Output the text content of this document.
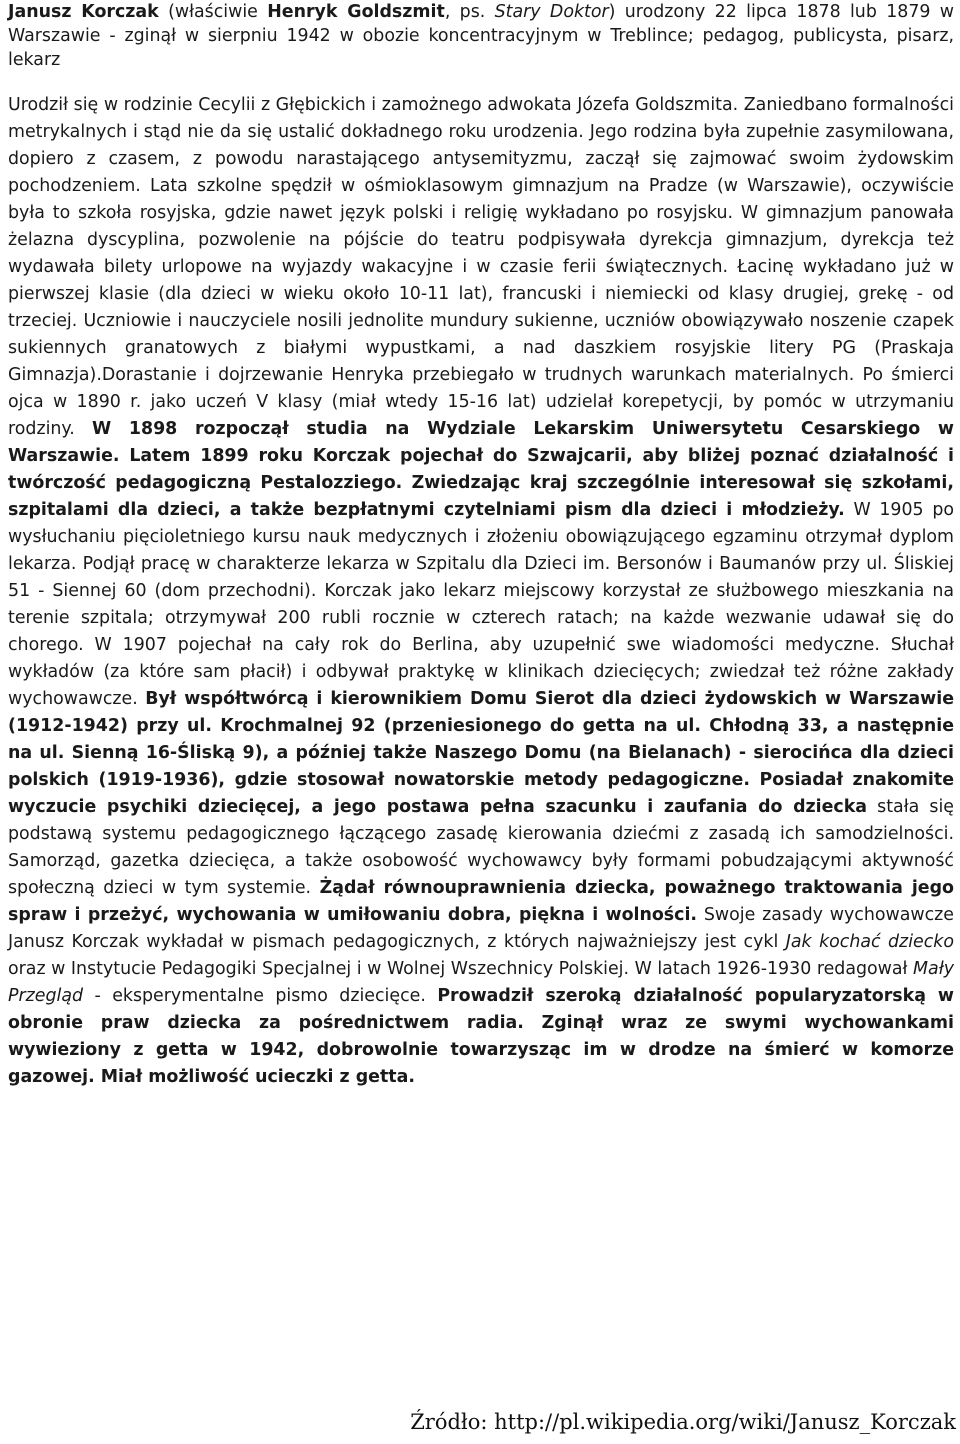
Janusz Korczak (właściwie Henryk Goldszmit, ps. Stary Doktor) urodzony 22 lipca 1878 lub 1879 w Warszawie - zginął w sierpniu 1942 w obozie koncentracyjnym w Treblince; pedagog, publicysta, pisarz, lekarz

Urodził się w rodzinie Cecylii z Głębickich i zamożnego adwokata Józefa Goldszmita. Zaniedbano formalności metrykalnych i stąd nie da się ustalić dokładnego roku urodzenia. Jego rodzina była zupełnie zasymilowana, dopiero z czasem, z powodu narastającego antysemityzmu, zaczął się zajmować swoim żydowskim pochodzeniem. Lata szkolne spędził w ośmioklasowym gimnazjum na Pradze (w Warszawie), oczywiście była to szkoła rosyjska, gdzie nawet język polski i religię wykładano po rosyjsku. W gimnazjum panowała żelazna dyscyplina, pozwolenie na pójście do teatru podpisywała dyrekcja gimnazjum, dyrekcja też wydawała bilety urlopowe na wyjazdy wakacyjne i w czasie ferii świątecznych. Łacinę wykładano już w pierwszej klasie (dla dzieci w wieku około 10-11 lat), francuski i niemiecki od klasy drugiej, grekę - od trzeciej. Uczniowie i nauczyciele nosili jednolite mundury sukienne, uczniów obowiązywało noszenie czapek sukiennych granatowych z białymi wypustkami, a nad daszkiem rosyjskie litery PG (Praskaja Gimnazja).Dorastanie i dojrzewanie Henryka przebiegało w trudnych warunkach materialnych. Po śmierci ojca w 1890 r. jako uczeń V klasy (miał wtedy 15-16 lat) udzielał korepetycji, by pomóc w utrzymaniu rodziny. W 1898 rozpoczął studia na Wydziale Lekarskim Uniwersytetu Cesarskiego w Warszawie. Latem 1899 roku Korczak pojechał do Szwajcarii, aby bliżej poznać działalność i twórczość pedagogiczną Pestalozziego. Zwiedzając kraj szczególnie interesował się szkołami, szpitalami dla dzieci, a także bezpłatnymi czytelniami pism dla dzieci i młodzieży. W 1905 po wysłuchaniu pięcioletniego kursu nauk medycznych i złożeniu obowiązującego egzaminu otrzymał dyplom lekarza. Podjął pracę w charakterze lekarza w Szpitalu dla Dzieci im. Bersonów i Baumanów przy ul. Śliskiej 51 - Siennej 60 (dom przechodni). Korczak jako lekarz miejscowy korzystał ze służbowego mieszkania na terenie szpitala; otrzymywał 200 rubli rocznie w czterech ratach; na każde wezwanie udawał się do chorego. W 1907 pojechał na cały rok do Berlina, aby uzupełnić swe wiadomości medyczne. Słuchał wykładów (za które sam płacił) i odbywał praktykę w klinikach dziecięcych; zwiedzał też różne zakłady wychowawcze. Był współtwórcą i kierownikiem Domu Sierot dla dzieci żydowskich w Warszawie (1912-1942) przy ul. Krochmalnej 92 (przeniesionego do getta na ul. Chłodną 33, a następnie na ul. Sienną 16-Śliską 9), a później także Naszego Domu (na Bielanach) - sierocińca dla dzieci polskich (1919-1936), gdzie stosował nowatorskie metody pedagogiczne. Posiadał znakomite wyczucie psychiki dziecięcej, a jego postawa pełna szacunku i zaufania do dziecka stała się podstawą systemu pedagogicznego łączącego zasadę kierowania dziećmi z zasadą ich samodzielności. Samorząd, gazetka dziecięca, a także osobowość wychowawcy były formami pobudzającymi aktywność społeczną dzieci w tym systemie. Żądał równouprawnienia dziecka, poważnego traktowania jego spraw i przeżyć, wychowania w umiłowaniu dobra, piękna i wolności. Swoje zasady wychowawcze Janusz Korczak wykładał w pismach pedagogicznych, z których najważniejszy jest cykl Jak kochać dziecko oraz w Instytucie Pedagogiki Specjalnej i w Wolnej Wszechnicy Polskiej. W latach 1926-1930 redagował Mały Przegląd - eksperymentalne pismo dziecięce. Prowadził szeroką działalność popularyzatorską w obronie praw dziecka za pośrednictwem radia. Zginął wraz ze swymi wychowankami wywieziony z getta w 1942, dobrowolnie towarzysząc im w drodze na śmierć w komorze gazowej. Miał możliwość ucieczki z getta.

Źródło: http://pl.wikipedia.org/wiki/Janusz_Korczak
